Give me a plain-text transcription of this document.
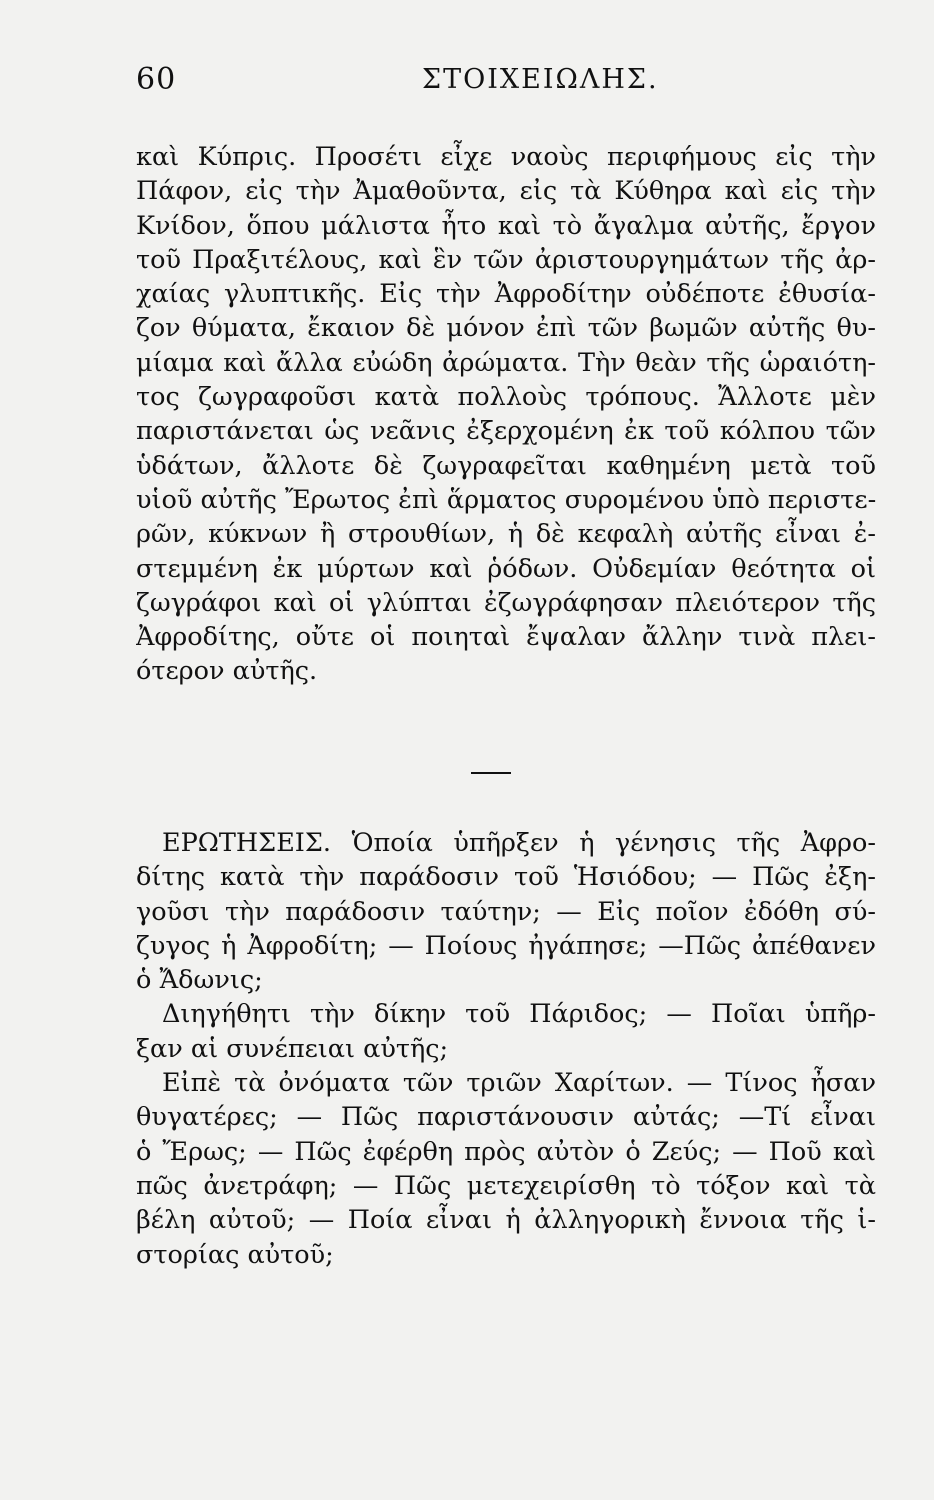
60	ΣΤΟΙΧΕΙΩΛΗΣ.
καὶ Κύπρις. Προσέτι εἶχε ναοὺς περιφήμους εἰς τὴν
Πάφον, εἰς τὴν Ἀμαθοῦντα, εἰς τὰ Κύθηρα καὶ εἰς τὴν
Κνίδον, ὅπου μάλιστα ἦτο καὶ τὸ ἄγαλμα αὐτῆς, ἔργον
τοῦ Πραξιτέλους, καὶ ἓν τῶν ἀριστουργημάτων τῆς ἀρ-
χαίας γλυπτικῆς. Εἰς τὴν Ἀφροδίτην οὐδέποτε ἐθυσία-
ζον θύματα, ἔκαιον δὲ μόνον ἐπὶ τῶν βωμῶν αὐτῆς θυ-
μίαμα καὶ ἄλλα εὐώδη ἀρώματα. Τὴν θεὰν τῆς ὡραιότη-
τος ζωγραφοῦσι κατὰ πολλοὺς τρόπους. Ἄλλοτε μὲν
παριστάνεται ὡς νεᾶνις ἐξερχομένη ἐκ τοῦ κόλπου τῶν
ὑδάτων, ἄλλοτε δὲ ζωγραφεῖται καθημένη μετὰ τοῦ
υἱοῦ αὐτῆς Ἔρωτος ἐπὶ ἅρματος συρομένου ὑπὸ περιστε-
ρῶν, κύκνων ἢ στρουθίων, ἡ δὲ κεφαλὴ αὐτῆς εἶναι ἐ-
στεμμένη ἐκ μύρτων καὶ ῥόδων. Οὐδεμίαν θεότητα οἱ
ζωγράφοι καὶ οἱ γλύπται ἐζωγράφησαν πλειότερον τῆς
Ἀφροδίτης, οὔτε οἱ ποιηταὶ ἔψαλαν ἄλλην τινὰ πλει-
ότερον αὐτῆς.
ΕΡΩΤΗΣΕΙΣ. Ὁποία ὑπῆρξεν ἡ γένησις τῆς Ἀφρο-
δίτης κατὰ τὴν παράδοσιν τοῦ Ἡσιόδου; — Πῶς ἐξη-
γοῦσι τὴν παράδοσιν ταύτην; — Εἰς ποῖον ἐδόθη σύ-
ζυγος ἡ Ἀφροδίτη; — Ποίους ἠγάπησε; —Πῶς ἀπέθανεν
ὁ Ἄδωνις;
Διηγήθητι τὴν δίκην τοῦ Πάριδος; — Ποῖαι ὑπῆρ-
ξαν αἱ συνέπειαι αὐτῆς;
Εἰπὲ τὰ ὀνόματα τῶν τριῶν Χαρίτων. — Τίνος ἦσαν
θυγατέρες; — Πῶς παριστάνουσιν αὐτάς; —Τί εἶναι
ὁ Ἔρως; — Πῶς ἐφέρθη πρὸς αὐτὸν ὁ Ζεύς; — Ποῦ καὶ
πῶς ἀνετράφη; — Πῶς μετεχειρίσθη τὸ τόξον καὶ τὰ
βέλη αὐτοῦ; — Ποία εἶναι ἡ ἀλληγορικὴ ἔννοια τῆς ἱ-
στορίας αὐτοῦ;
